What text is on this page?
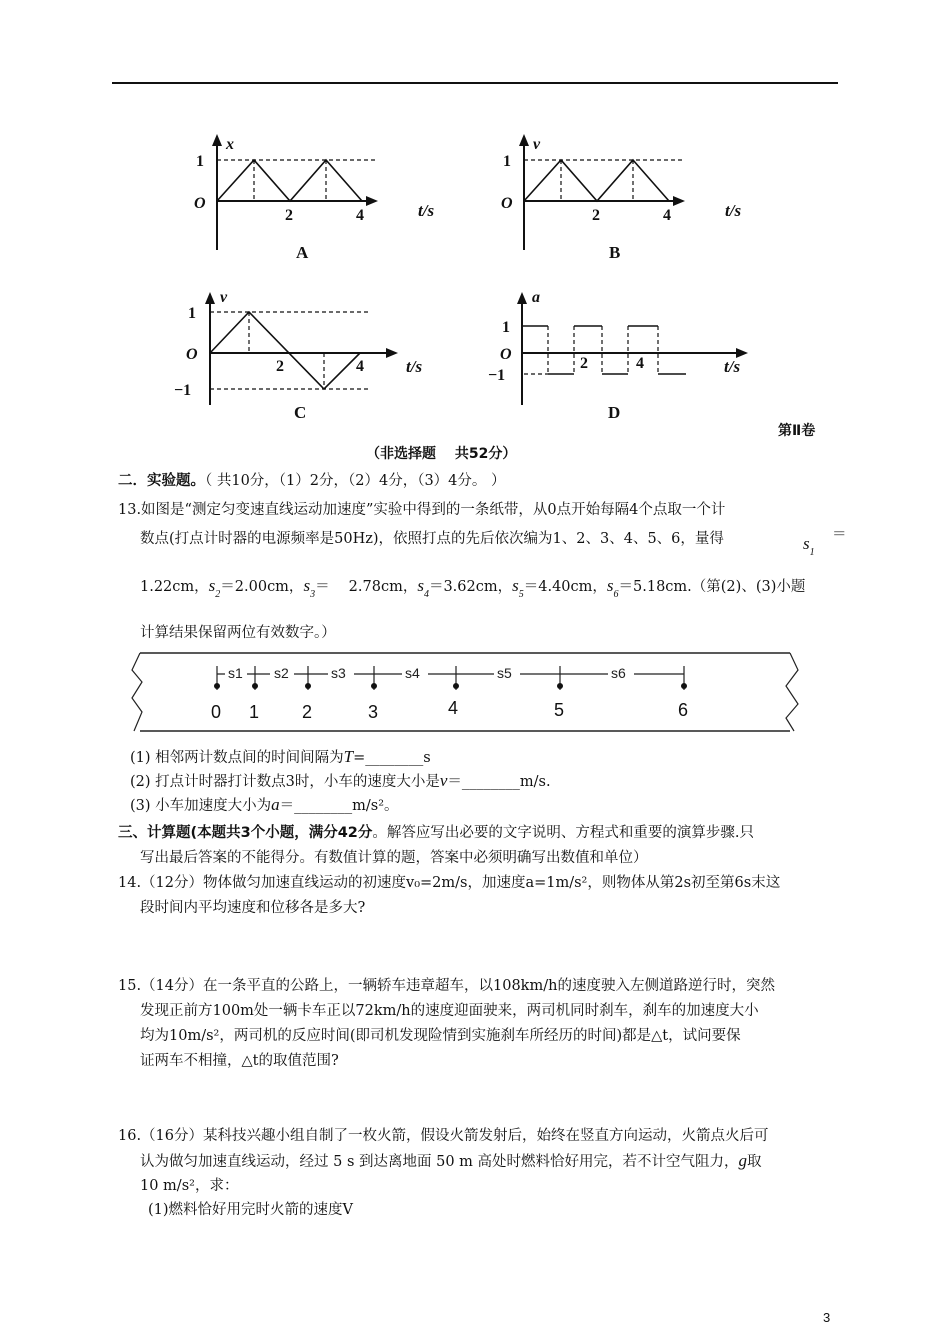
x
1
O
2	4
A
t/s
v
1
O
2	4
B
t/s
v
1
O
−1
2	4
C
t/s
a
1
O
−1
2	4
D
t/s
第Ⅱ卷
（非选择题　 共52分）
二．实验题。（ 共10分，（1）2分，（2）4分，（3）4分。 ）
13.如图是“测定匀变速直线运动加速度”实验中得到的一条纸带，从0点开始每隔4个点取一个计
数点(打点计时器的电源频率是50Hz)，依照打点的先后依次编为1、2、3、4、5、6，量得	$s_1$
＝
1.22cm，$s_2=2.00cm$，$s_3=$　 2.78cm，$s_4=3.62cm$，$s_5=4.40cm$，$s_6=5.18cm$.（第(2)、(3)小题
计算结果保留两位有效数字。）
s1 s2	s3	s4	s5	s6
0 1 2	3	4	5	6
(1) 相邻两计数点间的时间间隔为T=________s
(2) 打点计时器打计数点3时，小车的速度大小是v＝________m/s.
(3) 小车加速度大小为a＝________m/s²。
三、计算题(本题共3个小题，满分42分。解答应写出必要的文字说明、方程式和重要的演算步骤.只
写出最后答案的不能得分。有数值计算的题，答案中必须明确写出数值和单位）
14.（12分）物体做匀加速直线运动的初速度v₀=2m/s，加速度a=1m/s²，则物体从第2s初至第6s末这
段时间内平均速度和位移各是多大?
15.（14分）在一条平直的公路上，一辆轿车违章超车，以108km/h的速度驶入左侧道路逆行时，突然
发现正前方100m处一辆卡车正以72km/h的速度迎面驶来，两司机同时刹车，刹车的加速度大小
均为10m/s²，两司机的反应时间(即司机发现险情到实施刹车所经历的时间)都是△t，试问要保
证两车不相撞，△t的取值范围?
16.（16分）某科技兴趣小组自制了一枚火箭，假设火箭发射后，始终在竖直方向运动，火箭点火后可
认为做匀加速直线运动，经过 5 s 到达离地面 50 m 高处时燃料恰好用完，若不计空气阻力，g取
10 m/s²，求：
(1)燃料恰好用完时火箭的速度V
3
